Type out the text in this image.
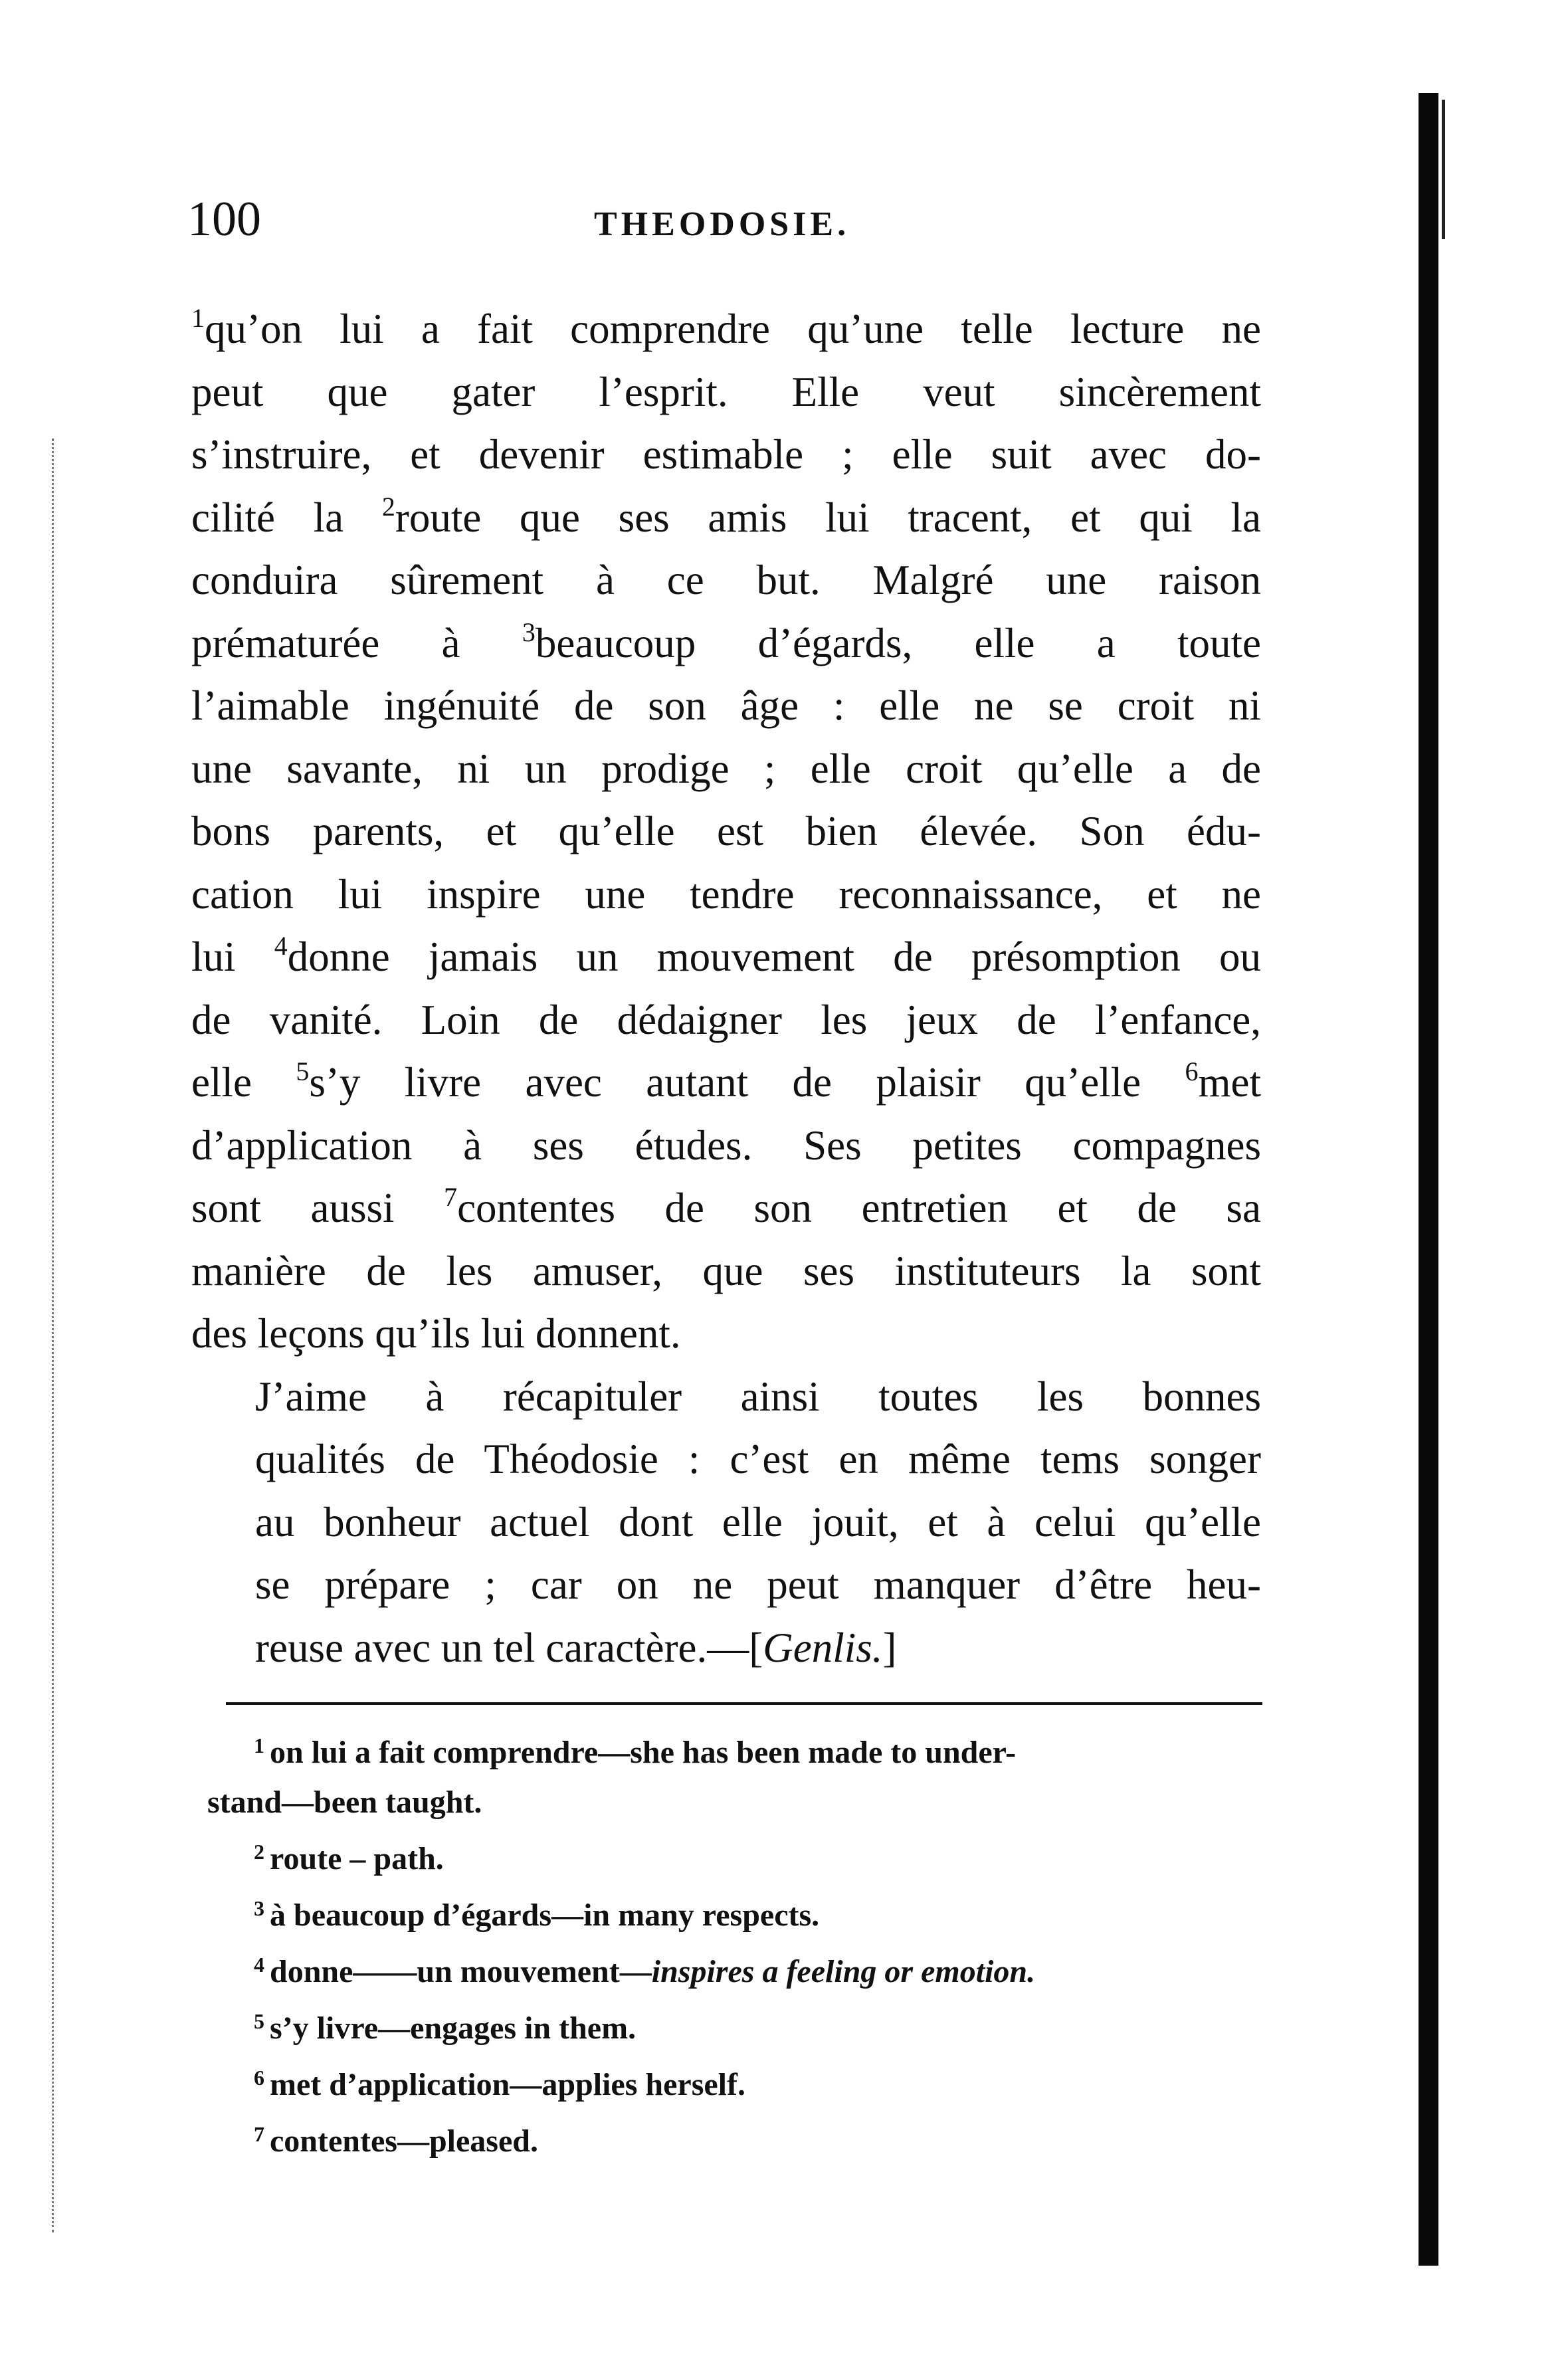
100	THEODOSIE.

$^1$qu’on lui a fait comprendre qu’une telle lecture ne
peut que gater l’esprit. Elle veut sincèrement
s’instruire, et devenir estimable ; elle suit avec do-
cilité la $^2$route que ses amis lui tracent, et qui la
conduira sûrement à ce but. Malgré une raison
prématurée à $^3$beaucoup d’égards, elle a toute
l’aimable ingénuité de son âge : elle ne se croit ni
une savante, ni un prodige ; elle croit qu’elle a de
bons parents, et qu’elle est bien élevée. Son édu-
cation lui inspire une tendre reconnaissance, et ne
lui $^4$donne jamais un mouvement de présomption ou
de vanité. Loin de dédaigner les jeux de l’enfance,
elle $^5$s’y livre avec autant de plaisir qu’elle $^6$met
d’application à ses études. Ses petites compagnes
sont aussi $^7$contentes de son entretien et de sa
manière de les amuser, que ses instituteurs la sont
des leçons qu’ils lui donnent.

J’aime à récapituler ainsi toutes les bonnes
qualités de Théodosie : c’est en même tems songer
au bonheur actuel dont elle jouit, et à celui qu’elle
se prépare ; car on ne peut manquer d’être heu-
reuse avec un tel caractère.—[Genlis.]

$^1$ on lui a fait comprendre—she has been made to under-
stand—been taught.
$^2$ route – path.
$^3$ à beaucoup d’égards—in many respects.
$^4$ donne——un mouvement—inspires a feeling or emotion.
$^5$ s’y livre—engages in them.
$^6$ met d’application—applies herself.
$^7$ contentes—pleased.
